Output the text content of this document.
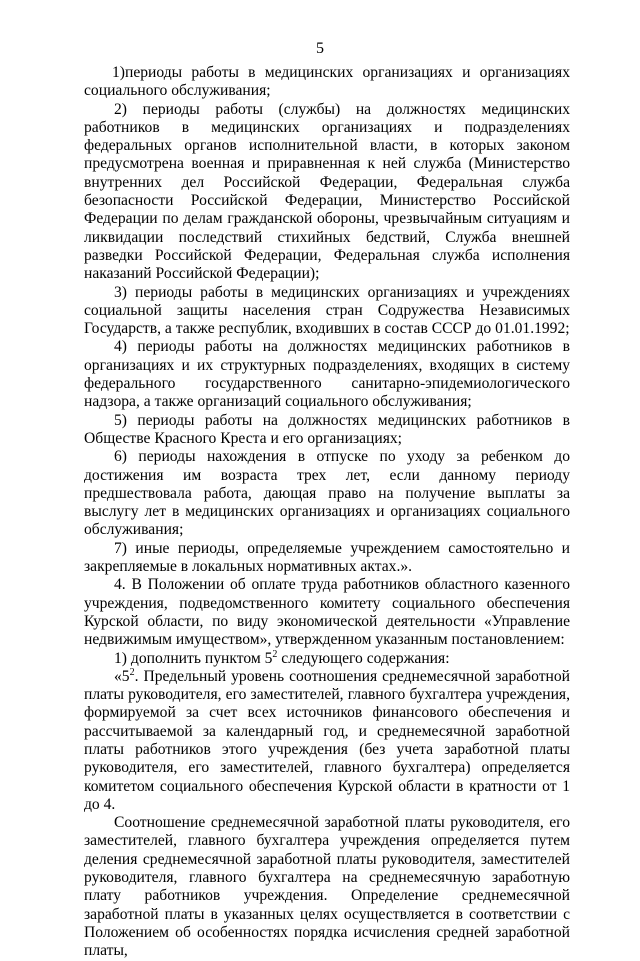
5

1)периоды работы в медицинских организациях и организациях социального обслуживания;

2) периоды работы (службы) на должностях медицинских работников в медицинских организациях и подразделениях федеральных органов исполнительной власти, в которых законом предусмотрена военная и приравненная к ней служба (Министерство внутренних дел Российской Федерации, Федеральная служба безопасности Российской Федерации, Министерство Российской Федерации по делам гражданской обороны, чрезвычайным ситуациям и ликвидации последствий стихийных бедствий, Служба внешней разведки Российской Федерации, Федеральная служба исполнения наказаний Российской Федерации);

3) периоды работы в медицинских организациях и учреждениях социальной защиты населения стран Содружества Независимых Государств, а также республик, входивших в состав СССР до 01.01.1992;

4) периоды работы на должностях медицинских работников в организациях и их структурных подразделениях, входящих в систему федерального государственного санитарно-эпидемиологического надзора, а также организаций социального обслуживания;

5) периоды работы на должностях медицинских работников в Обществе Красного Креста и его организациях;

6) периоды нахождения в отпуске по уходу за ребенком до достижения им возраста трех лет, если данному периоду предшествовала работа, дающая право на получение выплаты за выслугу лет в медицинских организациях и организациях социального обслуживания;

7) иные периоды, определяемые учреждением самостоятельно и закрепляемые в локальных нормативных актах.».

4. В Положении об оплате труда работников областного казенного учреждения, подведомственного комитету социального обеспечения Курской области, по виду экономической деятельности «Управление недвижимым имуществом», утвержденном указанным постановлением:

1) дополнить пунктом $5^2$ следующего содержания:

«$5^2$. Предельный уровень соотношения среднемесячной заработной платы руководителя, его заместителей, главного бухгалтера учреждения, формируемой за счет всех источников финансового обеспечения и рассчитываемой за календарный год, и среднемесячной заработной платы работников этого учреждения (без учета заработной платы руководителя, его заместителей, главного бухгалтера) определяется комитетом социального обеспечения Курской области в кратности от 1 до 4.

Соотношение среднемесячной заработной платы руководителя, его заместителей, главного бухгалтера учреждения определяется путем деления среднемесячной заработной платы руководителя, заместителей руководителя, главного бухгалтера на среднемесячную заработную плату работников учреждения. Определение среднемесячной заработной платы в указанных целях осуществляется в соответствии с Положением об особенностях порядка исчисления средней заработной платы,
